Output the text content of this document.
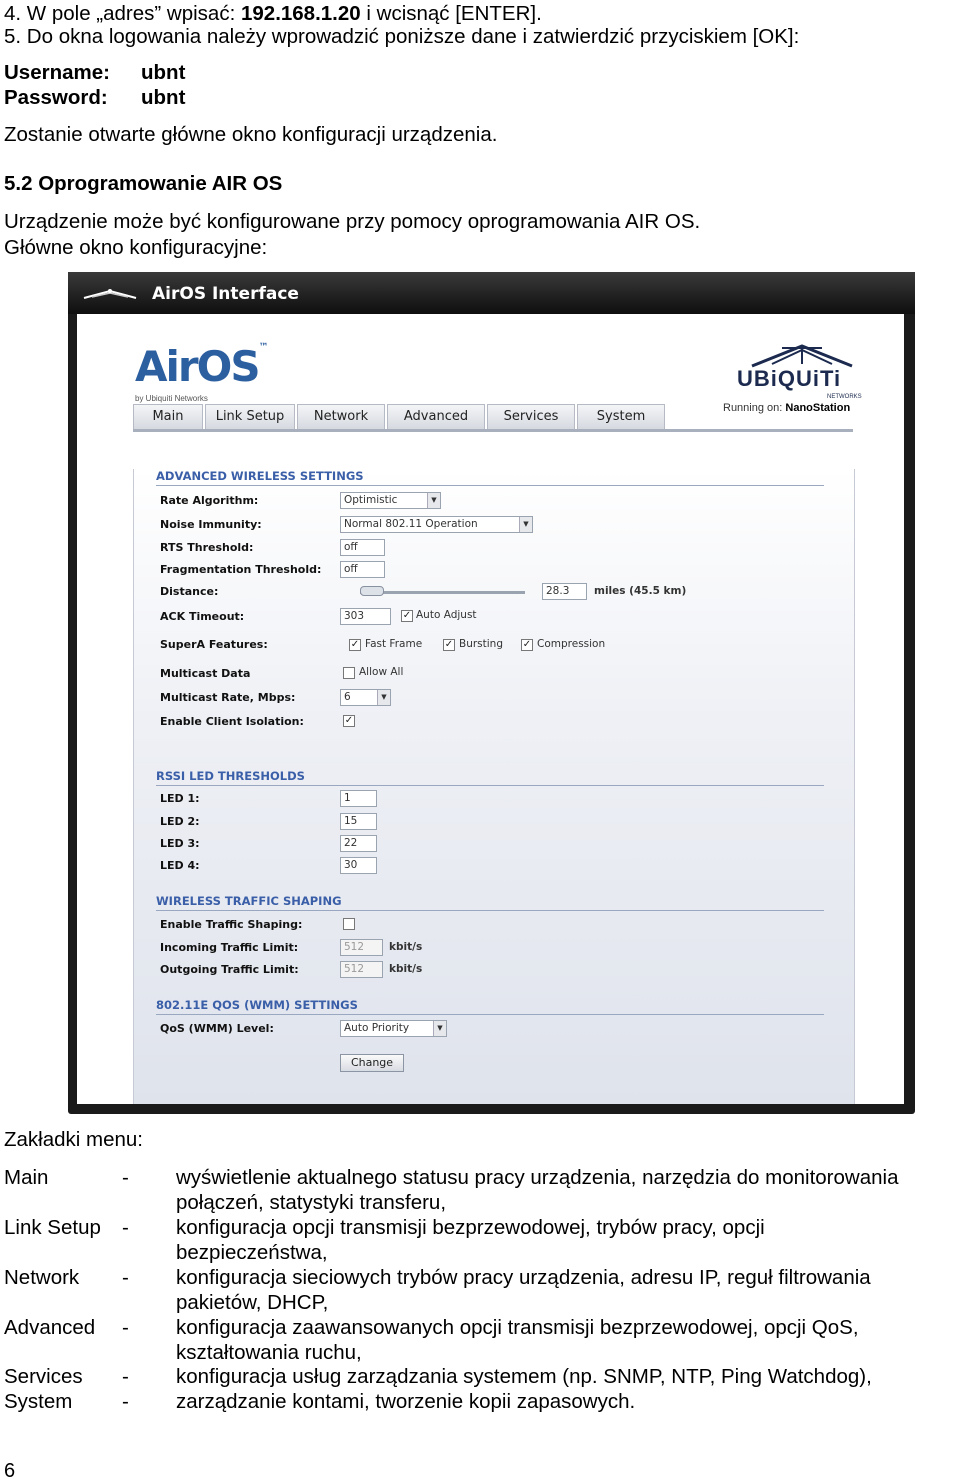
4. W pole „adres” wpisać: 192.168.1.20 i wcisnąć [ENTER].
5. Do okna logowania należy wprowadzić poniższe dane i zatwierdzić przyciskiem [OK]:
Username: ubnt
Password: ubnt
Zostanie otwarte główne okno konfiguracji urządzenia.
5.2 Oprogramowanie AIR OS
Urządzenie może być konfigurowane przy pomocy oprogramowania AIR OS.
Główne okno konfiguracyjne:
AirOS Interface
AirOS™
by Ubiquiti Networks
UBiQUiTi
NETWORKS
Running on: NanoStation
Main	Link Setup	Network	Advanced	Services	System
ADVANCED WIRELESS SETTINGS
Rate Algorithm:	Optimistic	▼
Noise Immunity:	Normal 802.11 Operation	▼
RTS Threshold:	off
Fragmentation Threshold:	off
Distance:	28.3	miles (45.5 km)
ACK Timeout:	303	✓ Auto Adjust
SuperA Features:	✓ Fast Frame ✓ Bursting ✓ Compression
Multicast Data	Allow All
Multicast Rate, Mbps:	6	▼
Enable Client Isolation:	✓
RSSI LED THRESHOLDS
LED 1:	1
LED 2:	15
LED 3:	22
LED 4:	30
WIRELESS TRAFFIC SHAPING
Enable Traffic Shaping:
Incoming Traffic Limit:	512	kbit/s
Outgoing Traffic Limit:	512	kbit/s
802.11E QOS (WMM) SETTINGS
QoS (WMM) Level:	Auto Priority	▼
Change
Zakładki menu:
Main	- wyświetlenie aktualnego statusu pracy urządzenia, narzędzia do monitorowania
połączeń, statystyki transferu,
Link Setup - konfiguracja opcji transmisji bezprzewodowej, trybów pracy, opcji
bezpieczeństwa,
Network - konfiguracja sieciowych trybów pracy urządzenia, adresu IP, reguł filtrowania
pakietów, DHCP,
Advanced - konfiguracja zaawansowanych opcji transmisji bezprzewodowej, opcji QoS,
kształtowania ruchu,
Services - konfiguracja usług zarządzania systemem (np. SNMP, NTP, Ping Watchdog),
System - zarządzanie kontami, tworzenie kopii zapasowych.
6
